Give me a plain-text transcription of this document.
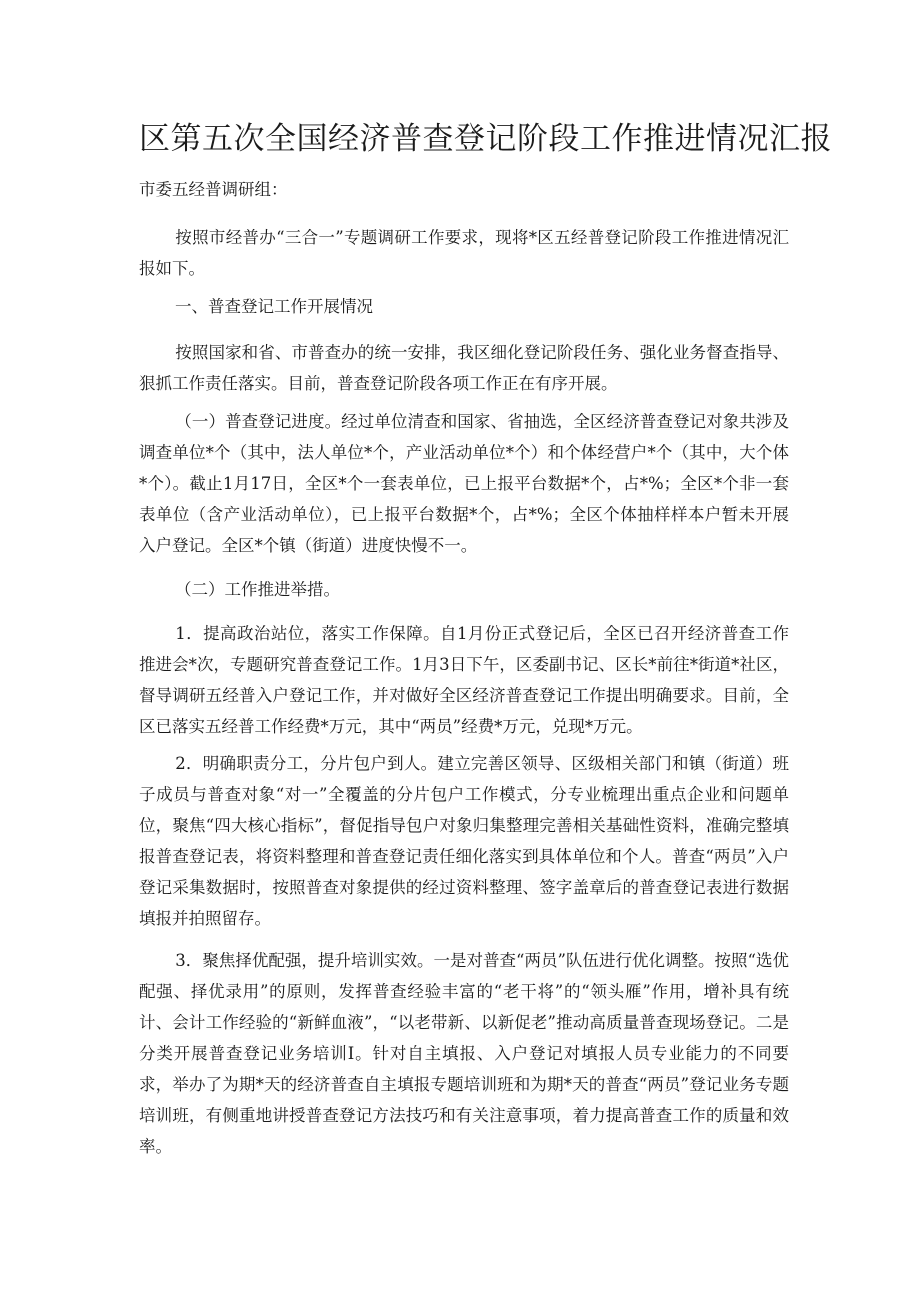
区第五次全国经济普查登记阶段工作推进情况汇报
市委五经普调研组：

按照市经普办“三合一”专题调研工作要求，现将*区五经普登记阶段工作推进情况汇报如下。

一、普查登记工作开展情况

按照国家和省、市普查办的统一安排，我区细化登记阶段任务、强化业务督查指导、狠抓工作责任落实。目前，普查登记阶段各项工作正在有序开展。

（一）普查登记进度。经过单位清查和国家、省抽选，全区经济普查登记对象共涉及调查单位*个（其中，法人单位*个，产业活动单位*个）和个体经营户*个（其中，大个体*个）。截止1月17日，全区*个一套表单位，已上报平台数据*个，占*%；全区*个非一套表单位（含产业活动单位），已上报平台数据*个，占*%；全区个体抽样样本户暂未开展入户登记。全区*个镇（街道）进度快慢不一。

（二）工作推进举措。

1．提高政治站位，落实工作保障。自1月份正式登记后，全区已召开经济普查工作推进会*次，专题研究普查登记工作。1月3日下午，区委副书记、区长*前往*街道*社区，督导调研五经普入户登记工作，并对做好全区经济普查登记工作提出明确要求。目前，全区已落实五经普工作经费*万元，其中“两员”经费*万元，兑现*万元。

2．明确职责分工，分片包户到人。建立完善区领导、区级相关部门和镇（街道）班子成员与普查对象“对一”全覆盖的分片包户工作模式，分专业梳理出重点企业和问题单位，聚焦“四大核心指标”，督促指导包户对象归集整理完善相关基础性资料，准确完整填报普查登记表，将资料整理和普查登记责任细化落实到具体单位和个人。普查“两员”入户登记采集数据时，按照普查对象提供的经过资料整理、签字盖章后的普查登记表进行数据填报并拍照留存。

3．聚焦择优配强，提升培训实效。一是对普查“两员”队伍进行优化调整。按照“选优配强、择优录用”的原则，发挥普查经验丰富的“老干将”的“领头雁”作用，增补具有统计、会计工作经验的“新鲜血液”，“以老带新、以新促老”推动高质量普查现场登记。二是分类开展普查登记业务培训Ⅰ。针对自主填报、入户登记对填报人员专业能力的不同要求，举办了为期*天的经济普查自主填报专题培训班和为期*天的普查“两员”登记业务专题培训班，有侧重地讲授普查登记方法技巧和有关注意事项，着力提高普查工作的质量和效率。
